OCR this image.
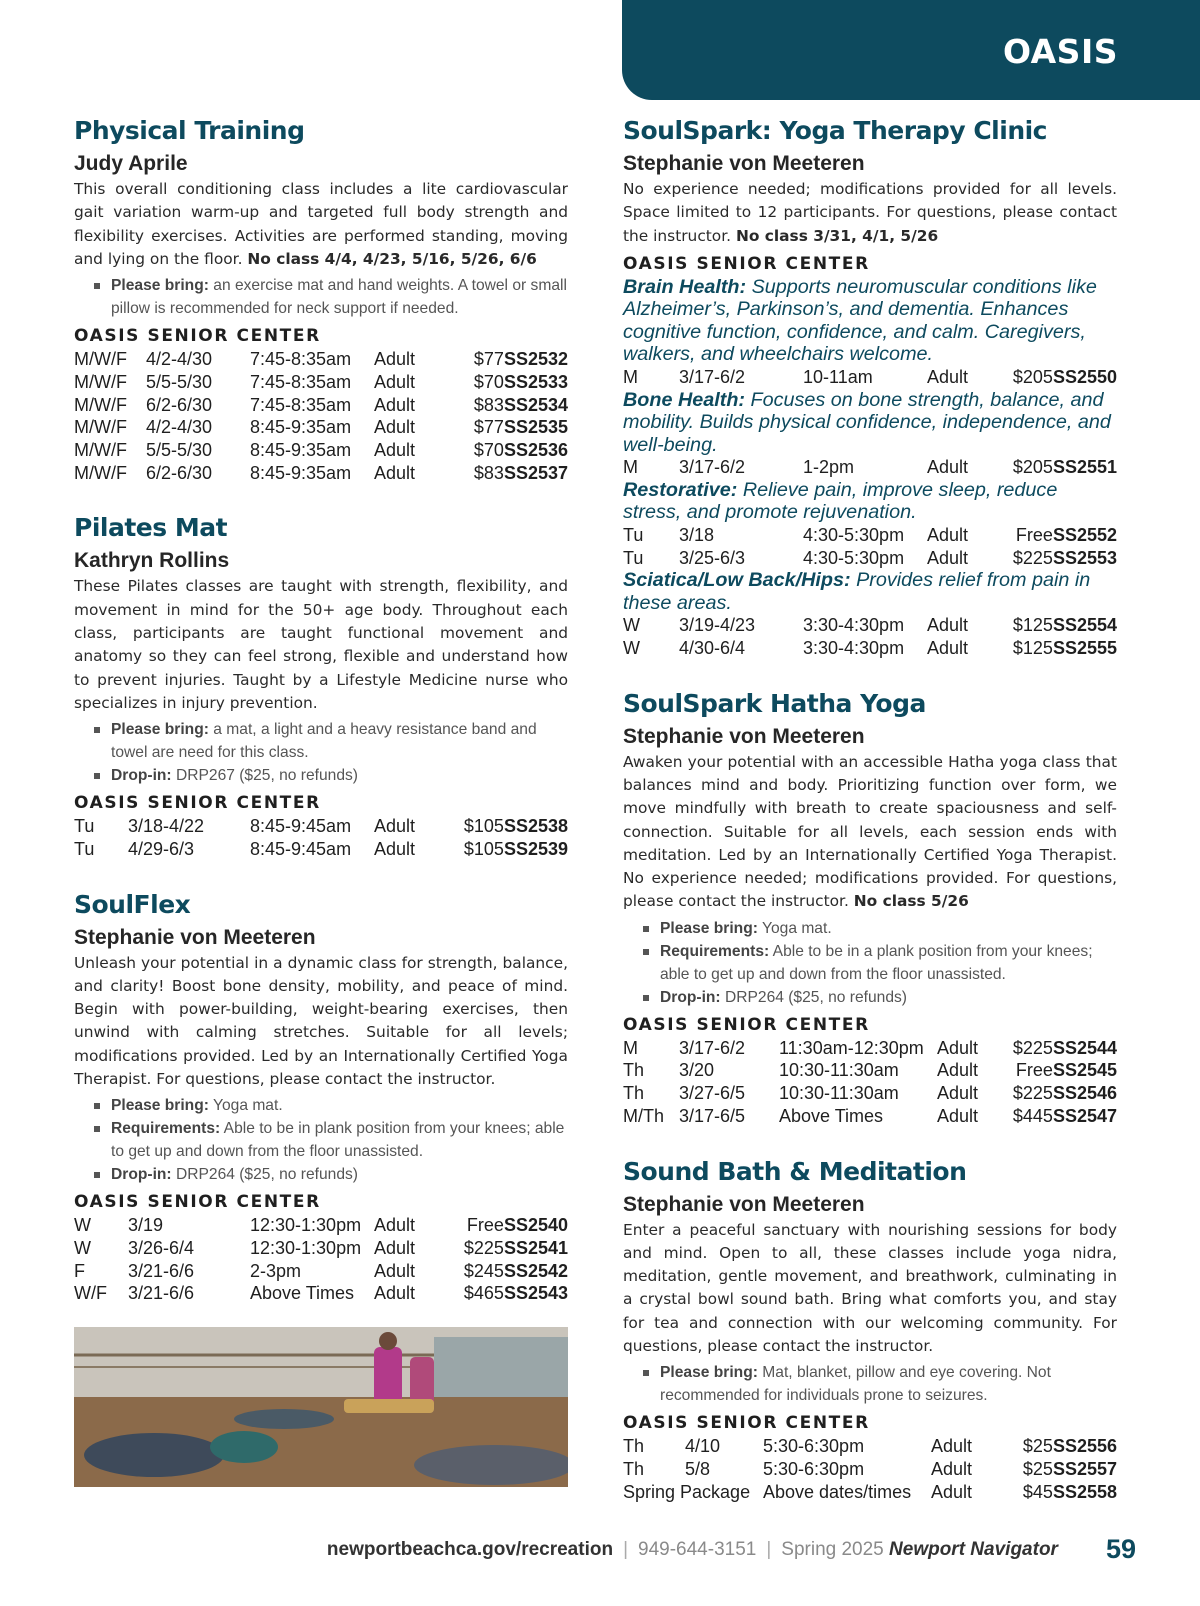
OASIS
Physical Training
Judy Aprile

This overall conditioning class includes a lite cardiovascular gait variation warm-up and targeted full body strength and flexibility exercises. Activities are performed standing, moving and lying on the floor. No class 4/4, 4/23, 5/16, 5/26, 6/6

Please bring: an exercise mat and hand weights. A towel or small pillow is recommended for neck support if needed.
OASIS SENIOR CENTER
M/W/F	4/2-4/30	7:45-8:35am	Adult	$77	SS2532
M/W/F	5/5-5/30	7:45-8:35am	Adult	$70	SS2533
M/W/F	6/2-6/30	7:45-8:35am	Adult	$83	SS2534
M/W/F	4/2-4/30	8:45-9:35am	Adult	$77	SS2535
M/W/F	5/5-5/30	8:45-9:35am	Adult	$70	SS2536
M/W/F	6/2-6/30	8:45-9:35am	Adult	$83	SS2537
Pilates Mat
Kathryn Rollins

These Pilates classes are taught with strength, flexibility, and movement in mind for the 50+ age body. Throughout each class, participants are taught functional movement and anatomy so they can feel strong, flexible and understand how to prevent injuries. Taught by a Lifestyle Medicine nurse who specializes in injury prevention.

Please bring: a mat, a light and a heavy resistance band and towel are need for this class.
Drop-in: DRP267 ($25, no refunds)
OASIS SENIOR CENTER
Tu	3/18-4/22	8:45-9:45am	Adult	$105	SS2538
Tu	4/29-6/3	8:45-9:45am	Adult	$105	SS2539
SoulFlex
Stephanie von Meeteren

Unleash your potential in a dynamic class for strength, balance, and clarity! Boost bone density, mobility, and peace of mind. Begin with power-building, weight-bearing exercises, then unwind with calming stretches. Suitable for all levels; modifications provided. Led by an Internationally Certified Yoga Therapist. For questions, please contact the instructor.

Please bring: Yoga mat.
Requirements: Able to be in plank position from your knees; able to get up and down from the floor unassisted.
Drop-in: DRP264 ($25, no refunds)
OASIS SENIOR CENTER
W	3/19	12:30-1:30pm	Adult	Free	SS2540
W	3/26-6/4	12:30-1:30pm	Adult	$225	SS2541
F	3/21-6/6	2-3pm	Adult	$245	SS2542
W/F	3/21-6/6	Above Times	Adult	$465	SS2543
SoulSpark: Yoga Therapy Clinic
Stephanie von Meeteren

No experience needed; modifications provided for all levels. Space limited to 12 participants. For questions, please contact the instructor. No class 3/31, 4/1, 5/26

OASIS SENIOR CENTER
Brain Health: Supports neuromuscular conditions like Alzheimer’s, Parkinson’s, and dementia. Enhances cognitive function, confidence, and calm. Caregivers, walkers, and wheelchairs welcome.
M	3/17-6/2	10-11am	Adult	$205	SS2550
Bone Health: Focuses on bone strength, balance, and mobility. Builds physical confidence, independence, and well-being.
M	3/17-6/2	1-2pm	Adult	$205	SS2551
Restorative: Relieve pain, improve sleep, reduce stress, and promote rejuvenation.
Tu	3/18	4:30-5:30pm	Adult	Free	SS2552
Tu	3/25-6/3	4:30-5:30pm	Adult	$225	SS2553
Sciatica/Low Back/Hips: Provides relief from pain in these areas.
W	3/19-4/23	3:30-4:30pm	Adult	$125	SS2554
W	4/30-6/4	3:30-4:30pm	Adult	$125	SS2555
SoulSpark Hatha Yoga
Stephanie von Meeteren

Awaken your potential with an accessible Hatha yoga class that balances mind and body. Prioritizing function over form, we move mindfully with breath to create spaciousness and self-connection. Suitable for all levels, each session ends with meditation. Led by an Internationally Certified Yoga Therapist. No experience needed; modifications provided. For questions, please contact the instructor. No class 5/26

Please bring: Yoga mat.
Requirements: Able to be in a plank position from your knees; able to get up and down from the floor unassisted.
Drop-in: DRP264 ($25, no refunds)
OASIS SENIOR CENTER
M	3/17-6/2	11:30am-12:30pm	Adult	$225	SS2544
Th	3/20	10:30-11:30am	Adult	Free	SS2545
Th	3/27-6/5	10:30-11:30am	Adult	$225	SS2546
M/Th	3/17-6/5	Above Times	Adult	$445	SS2547
Sound Bath & Meditation
Stephanie von Meeteren

Enter a peaceful sanctuary with nourishing sessions for body and mind. Open to all, these classes include yoga nidra, meditation, gentle movement, and breathwork, culminating in a crystal bowl sound bath. Bring what comforts you, and stay for tea and connection with our welcoming community. For questions, please contact the instructor.

Please bring: Mat, blanket, pillow and eye covering. Not recommended for individuals prone to seizures.
OASIS SENIOR CENTER
Th	4/10	5:30-6:30pm	Adult	$25	SS2556
Th	5/8	5:30-6:30pm	Adult	$25	SS2557
Spring Package		Above dates/times	Adult	$45	SS2558
newportbeachca.gov/recreation | 949-644-3151 | Spring 2025
Newport Navigator 59
